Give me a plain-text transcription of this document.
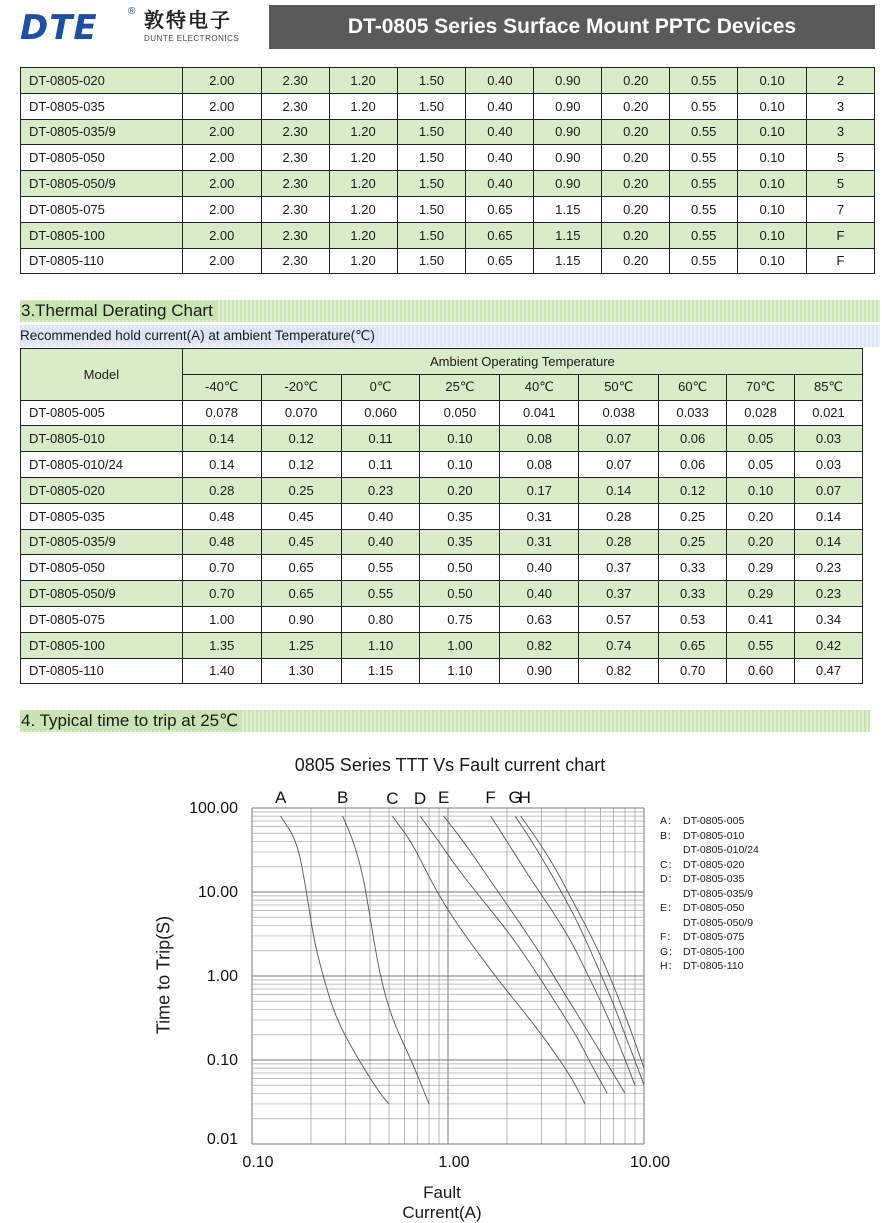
DTE	® 敦特电子
DUNTE ELECTRONICS
DT-0805 Series Surface Mount PPTC Devices
DT-0805-020	2.00	2.30	1.20	1.50	0.40	0.90	0.20	0.55	0.10	2
DT-0805-035	2.00	2.30	1.20	1.50	0.40	0.90	0.20	0.55	0.10	3
DT-0805-035/9	2.00	2.30	1.20	1.50	0.40	0.90	0.20	0.55	0.10	3
DT-0805-050	2.00	2.30	1.20	1.50	0.40	0.90	0.20	0.55	0.10	5
DT-0805-050/9	2.00	2.30	1.20	1.50	0.40	0.90	0.20	0.55	0.10	5
DT-0805-075	2.00	2.30	1.20	1.50	0.65	1.15	0.20	0.55	0.10	7
DT-0805-100	2.00	2.30	1.20	1.50	0.65	1.15	0.20	0.55	0.10	F
DT-0805-110	2.00	2.30	1.20	1.50	0.65	1.15	0.20	0.55	0.10	F
3.Thermal Derating Chart
Recommended hold current(A) at ambient Temperature(℃)
Model	Ambient Operating Temperature								
	-40℃	-20℃	0℃	25℃	40℃	50℃	60℃	70℃	85℃
DT-0805-005	0.078	0.070	0.060	0.050	0.041	0.038	0.033	0.028	0.021
DT-0805-010	0.14	0.12	0.11	0.10	0.08	0.07	0.06	0.05	0.03
DT-0805-010/24	0.14	0.12	0.11	0.10	0.08	0.07	0.06	0.05	0.03
DT-0805-020	0.28	0.25	0.23	0.20	0.17	0.14	0.12	0.10	0.07
DT-0805-035	0.48	0.45	0.40	0.35	0.31	0.28	0.25	0.20	0.14
DT-0805-035/9	0.48	0.45	0.40	0.35	0.31	0.28	0.25	0.20	0.14
DT-0805-050	0.70	0.65	0.55	0.50	0.40	0.37	0.33	0.29	0.23
DT-0805-050/9	0.70	0.65	0.55	0.50	0.40	0.37	0.33	0.29	0.23
DT-0805-075	1.00	0.90	0.80	0.75	0.63	0.57	0.53	0.41	0.34
DT-0805-100	1.35	1.25	1.10	1.00	0.82	0.74	0.65	0.55	0.42
DT-0805-110	1.40	1.30	1.15	1.10	0.90	0.82	0.70	0.60	0.47
4. Typical time to trip at 25℃
0805 Series TTT Vs Fault current chart
Time to Trip(S)
Fault Current(A)
100.00
10.00
1.00
0.10
0.01
0.10	1.00	10.00
A	B C D E F G
H
A： DT-0805-005
B： DT-0805-010
DT-0805-010/24
C： DT-0805-020
D： DT-0805-035
DT-0805-035/9
E： DT-0805-050
DT-0805-050/9
F： DT-0805-075
G： DT-0805-100
H： DT-0805-110
